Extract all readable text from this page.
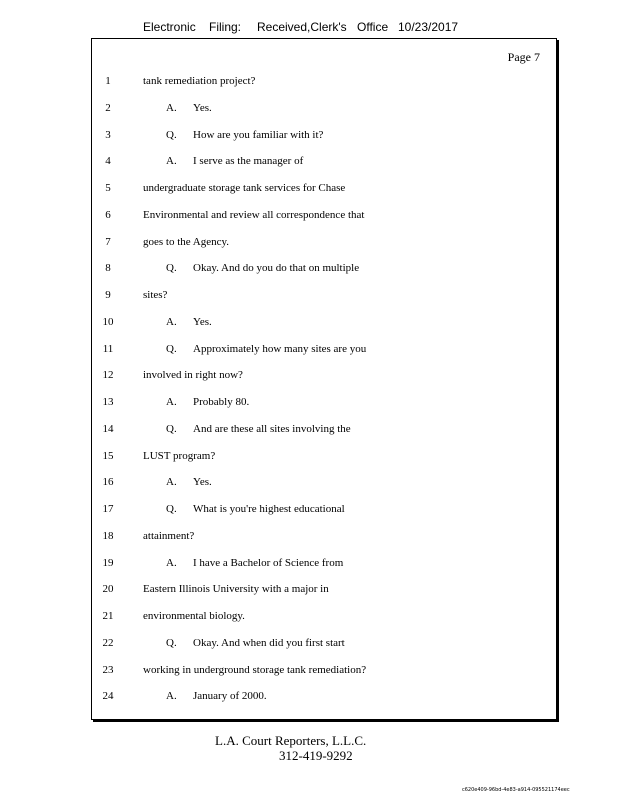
Electronic Filing: Received,Clerk's Office 10/23/2017
Page 7
1	tank remediation project?
2	A. Yes.
3	Q. How are you familiar with it?
4	A. I serve as the manager of
5	undergraduate storage tank services for Chase
6	Environmental and review all correspondence that
7	goes to the Agency.
8	Q. Okay. And do you do that on multiple
9	sites?
10	A. Yes.
11	Q. Approximately how many sites are you
12	involved in right now?
13	A. Probably 80.
14	Q. And are these all sites involving the
15	LUST program?
16	A. Yes.
17	Q. What is you're highest educational
18	attainment?
19	A. I have a Bachelor of Science from
20	Eastern Illinois University with a major in
21	environmental biology.
22	Q. Okay. And when did you first start
23	working in underground storage tank remediation?
24	A. January of 2000.
L.A. Court Reporters, L.L.C.
312-419-9292
c620e409-96bd-4e83-a914-095521174eec
